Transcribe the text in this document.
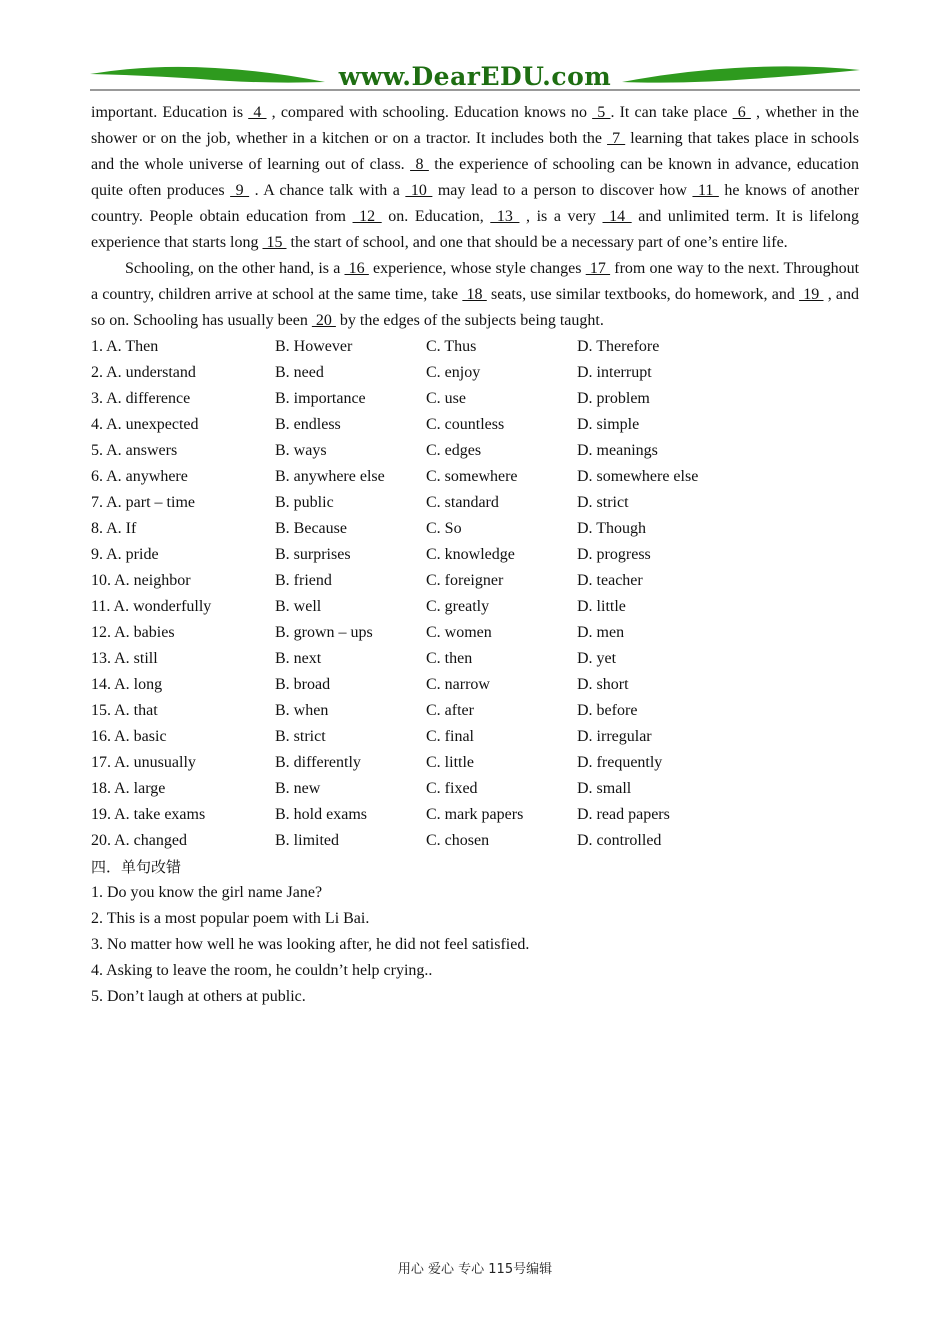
www.DearEDU.com

important. Education is  4  , compared with schooling. Education knows no  5 . It can take place  6  , whether in the shower or on the job, whether in a kitchen or on a tractor. It includes both the  7  learning that takes place in schools and the whole universe of learning out of class.  8  the experience of schooling can be known in advance, education quite often produces  9  . A chance talk with a  10  may lead to a person to discover how  11  he knows of another country. People obtain education from  12  on. Education,  13  , is a very  14  and unlimited term. It is lifelong experience that starts long  15  the start of school, and one that should be a necessary part of one’s entire life.

Schooling, on the other hand, is a  16  experience, whose style changes  17  from one way to the next. Throughout a country, children arrive at school at the same time, take  18  seats, use similar textbooks, do homework, and  19  , and so on. Schooling has usually been  20  by the edges of the subjects being taught.

1. A. Then	B. However	C. Thus	D. Therefore
2. A. understand	B. need	C. enjoy	D. interrupt
3. A. difference	B. importance	C. use	D. problem
4. A. unexpected	B. endless	C. countless	D. simple
5. A. answers	B. ways	C. edges	D. meanings
6. A. anywhere	B. anywhere else	C. somewhere	D. somewhere else
7. A. part – time	B. public	C. standard	D. strict
8. A. If	B. Because	C. So	D. Though
9. A. pride	B. surprises	C. knowledge	D. progress
10. A. neighbor	B. friend	C. foreigner	D. teacher
11. A. wonderfully	B. well	C. greatly	D. little
12. A. babies	B. grown – ups	C. women	D. men
13. A. still	B. next	C. then	D. yet
14. A. long	B. broad	C. narrow	D. short
15. A. that	B. when	C. after	D. before
16. A. basic	B. strict	C. final	D. irregular
17. A. unusually	B. differently	C. little	D. frequently
18. A. large	B. new	C. fixed	D. small
19. A. take exams	B. hold exams	C. mark papers	D. read papers
20. A. changed	B. limited	C. chosen	D. controlled

四．单句改错

1. Do you know the girl name Jane?

2. This is a most popular poem with Li Bai.

3. No matter how well he was looking after, he did not feel satisfied.

4. Asking to leave the room, he couldn’t help crying..

5. Don’t laugh at others at public.

用心 爱心 专心 115号编辑
